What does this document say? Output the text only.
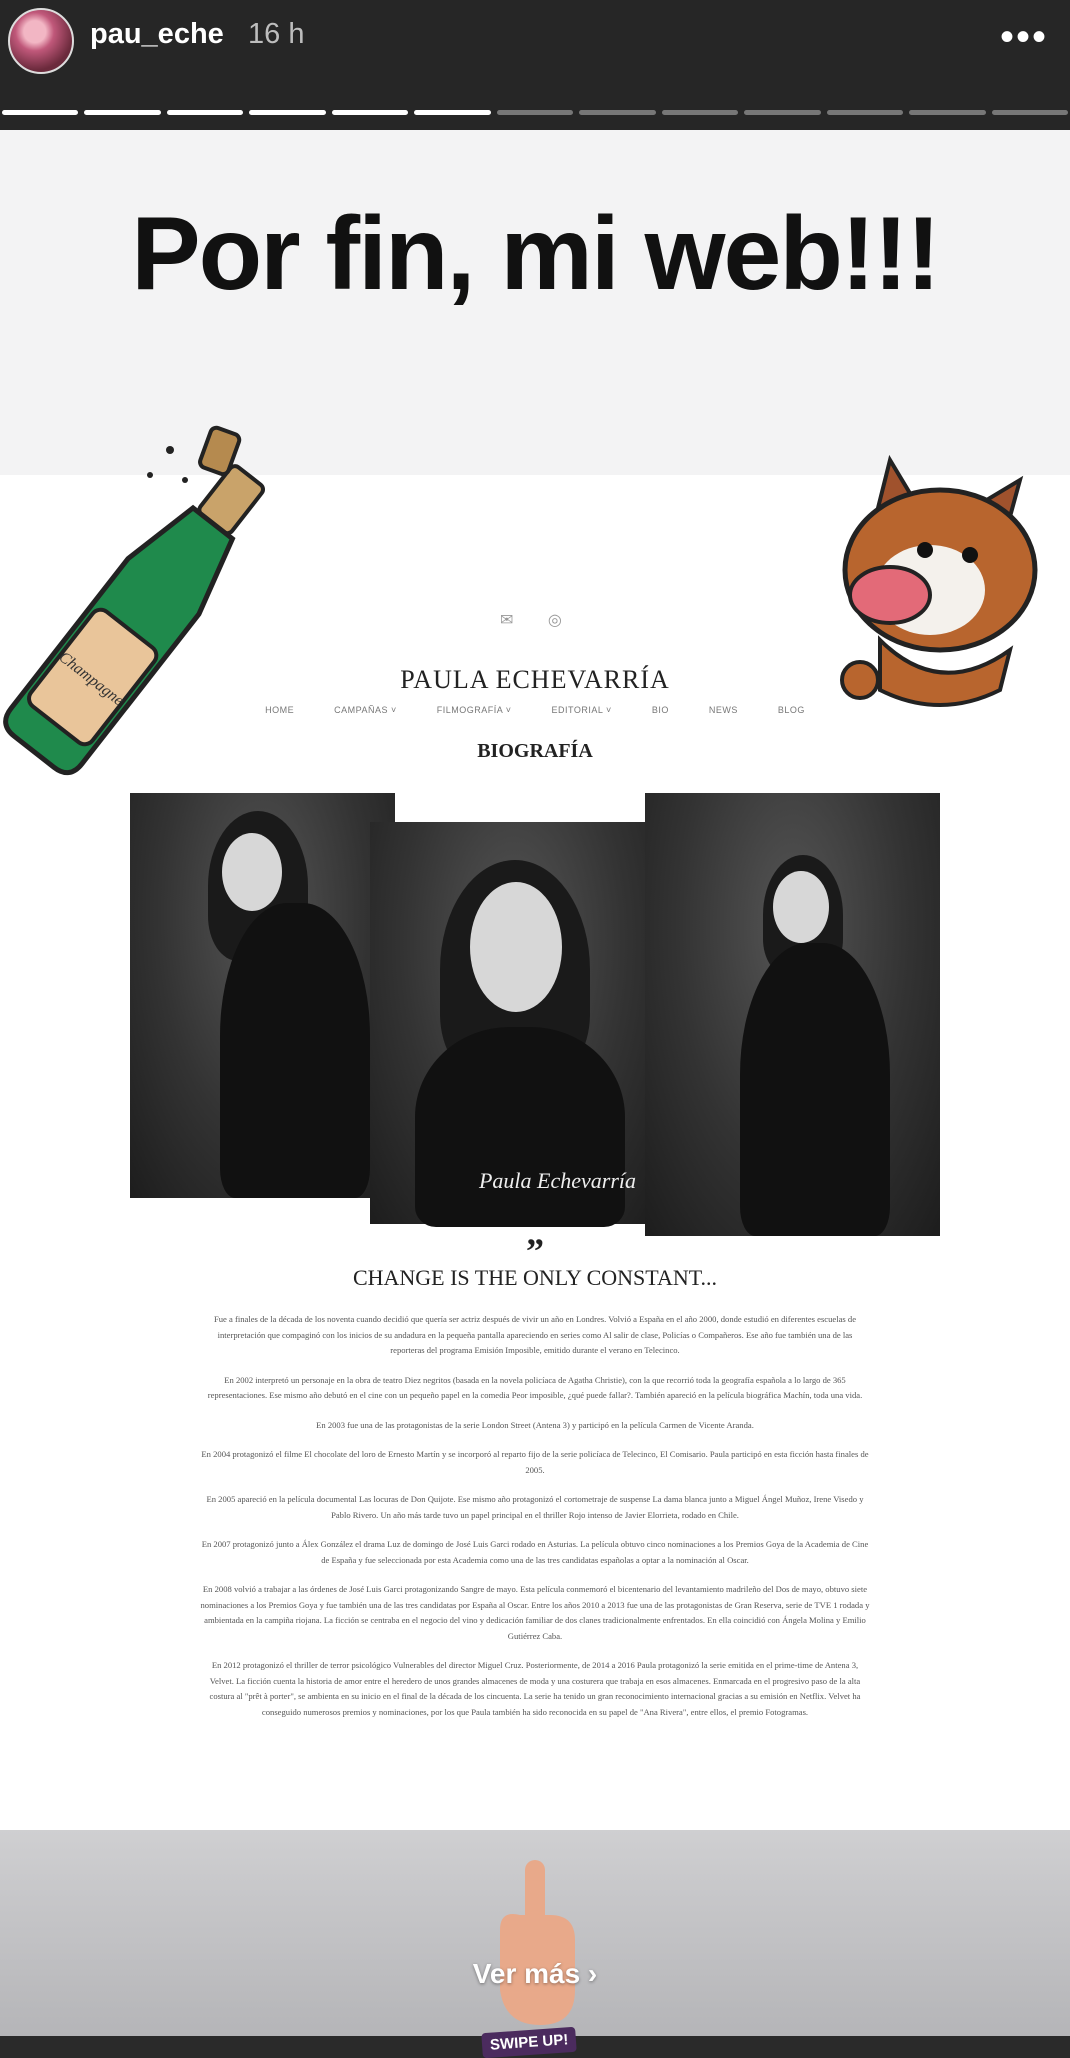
pau_eche 16 h	•••
Por fin, mi web!!!
✉ ◎
PAULA ECHEVARRÍA
HOME	CAMPAÑAS ˅	FILMOGRAFÍA ˅	EDITORIAL ˅	BIO	NEWS	BLOG
BIOGRAFÍA
Paula Echevarría
”
CHANGE IS THE ONLY CONSTANT...

Fue a finales de la década de los noventa cuando decidió que quería ser actriz después de vivir un año en Londres. Volvió a España en el año 2000, donde estudió en diferentes escuelas de interpretación que compaginó con los inicios de su andadura en la pequeña pantalla apareciendo en series como Al salir de clase, Policías o Compañeros. Ese año fue también una de las reporteras del programa Emisión Imposible, emitido durante el verano en Telecinco.

En 2002 interpretó un personaje en la obra de teatro Diez negritos (basada en la novela policíaca de Agatha Christie), con la que recorrió toda la geografía española a lo largo de 365 representaciones. Ese mismo año debutó en el cine con un pequeño papel en la comedia Peor imposible, ¿qué puede fallar?. También apareció en la película biográfica Machín, toda una vida.

En 2003 fue una de las protagonistas de la serie London Street (Antena 3) y participó en la película Carmen de Vicente Aranda.

En 2004 protagonizó el filme El chocolate del loro de Ernesto Martín y se incorporó al reparto fijo de la serie policíaca de Telecinco, El Comisario. Paula participó en esta ficción hasta finales de 2005.

En 2005 apareció en la película documental Las locuras de Don Quijote. Ese mismo año protagonizó el cortometraje de suspense La dama blanca junto a Miguel Ángel Muñoz, Irene Visedo y Pablo Rivero. Un año más tarde tuvo un papel principal en el thriller Rojo intenso de Javier Elorrieta, rodado en Chile.

En 2007 protagonizó junto a Álex González el drama Luz de domingo de José Luis Garci rodado en Asturias. La película obtuvo cinco nominaciones a los Premios Goya de la Academia de Cine de España y fue seleccionada por esta Academia como una de las tres candidatas españolas a optar a la nominación al Oscar.

En 2008 volvió a trabajar a las órdenes de José Luis Garci protagonizando Sangre de mayo. Esta película conmemoró el bicentenario del levantamiento madrileño del Dos de mayo, obtuvo siete nominaciones a los Premios Goya y fue también una de las tres candidatas por España al Oscar. Entre los años 2010 a 2013 fue una de las protagonistas de Gran Reserva, serie de TVE 1 rodada y ambientada en la campiña riojana. La ficción se centraba en el negocio del vino y dedicación familiar de dos clanes tradicionalmente enfrentados. En ella coincidió con Ángela Molina y Emilio Gutiérrez Caba.

En 2012 protagonizó el thriller de terror psicológico Vulnerables del director Miguel Cruz. Posteriormente, de 2014 a 2016 Paula protagonizó la serie emitida en el prime-time de Antena 3, Velvet. La ficción cuenta la historia de amor entre el heredero de unos grandes almacenes de moda y una costurera que trabaja en esos almacenes. Enmarcada en el progresivo paso de la alta costura al "prêt à porter", se ambienta en su inicio en el final de la década de los cincuenta. La serie ha tenido un gran reconocimiento internacional gracias a su emisión en Netflix. Velvet ha conseguido numerosos premios y nominaciones, por los que Paula también ha sido reconocida en su papel de "Ana Rivera", entre ellos, el premio Fotogramas.

Champagne
SWIPE UP!
Ver más ›
